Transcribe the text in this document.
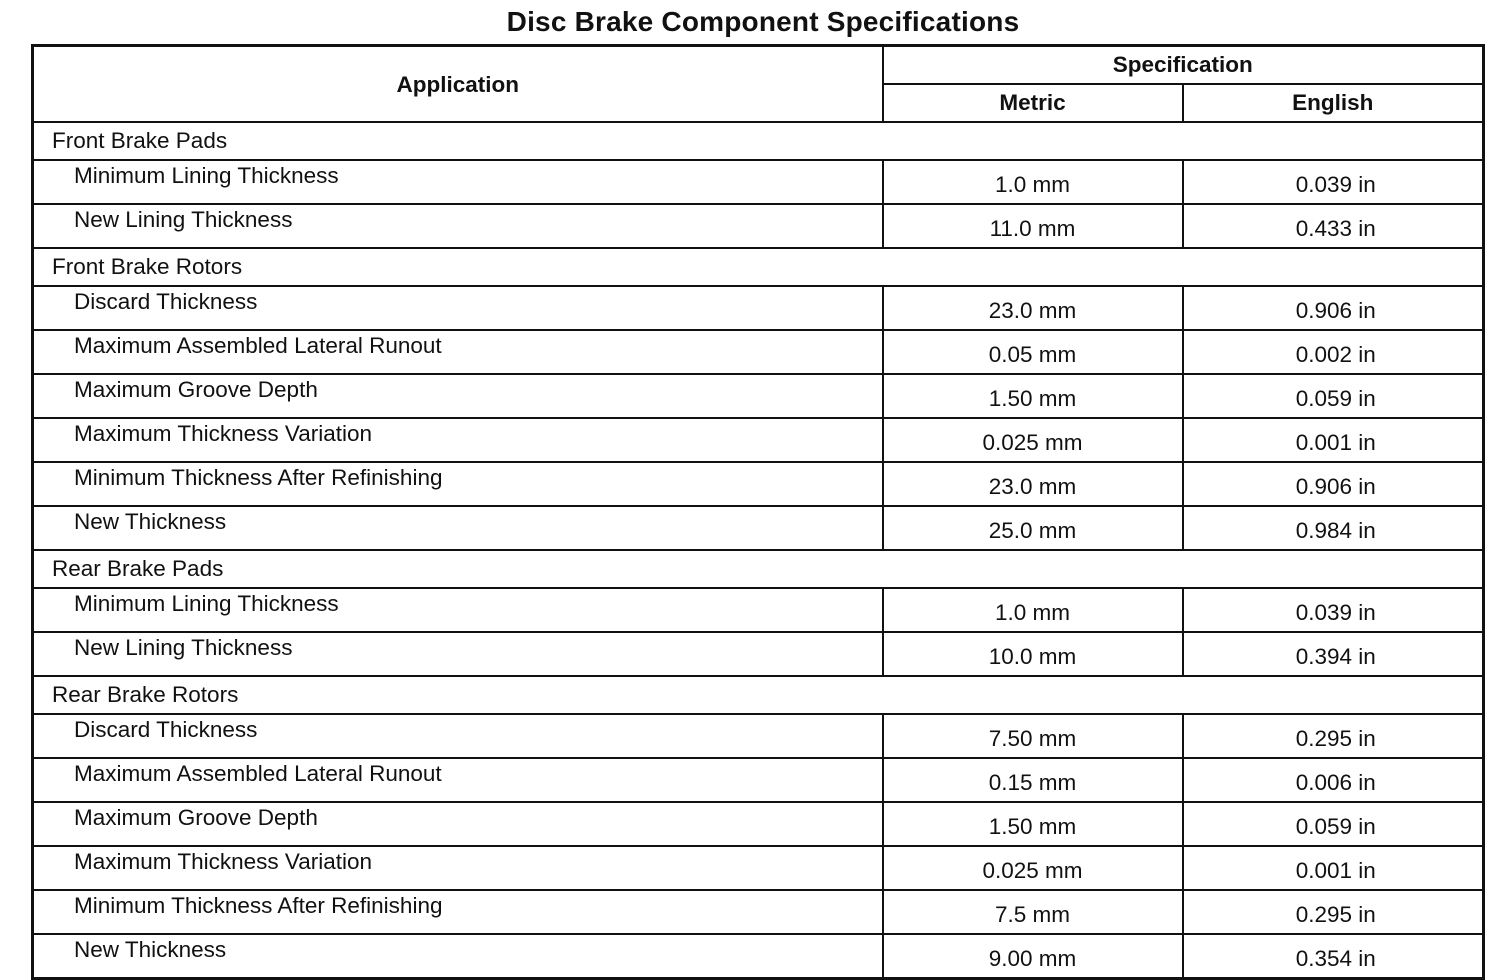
Disc Brake Component Specifications
Application	Specification	
	Metric	English
Front Brake Pads		
Minimum Lining Thickness	1.0 mm	0.039 in
New Lining Thickness	11.0 mm	0.433 in
Front Brake Rotors		
Discard Thickness	23.0 mm	0.906 in
Maximum Assembled Lateral Runout	0.05 mm	0.002 in
Maximum Groove Depth	1.50 mm	0.059 in
Maximum Thickness Variation	0.025 mm	0.001 in
Minimum Thickness After Refinishing	23.0 mm	0.906 in
New Thickness	25.0 mm	0.984 in
Rear Brake Pads		
Minimum Lining Thickness	1.0 mm	0.039 in
New Lining Thickness	10.0 mm	0.394 in
Rear Brake Rotors		
Discard Thickness	7.50 mm	0.295 in
Maximum Assembled Lateral Runout	0.15 mm	0.006 in
Maximum Groove Depth	1.50 mm	0.059 in
Maximum Thickness Variation	0.025 mm	0.001 in
Minimum Thickness After Refinishing	7.5 mm	0.295 in
New Thickness	9.00 mm	0.354 in
